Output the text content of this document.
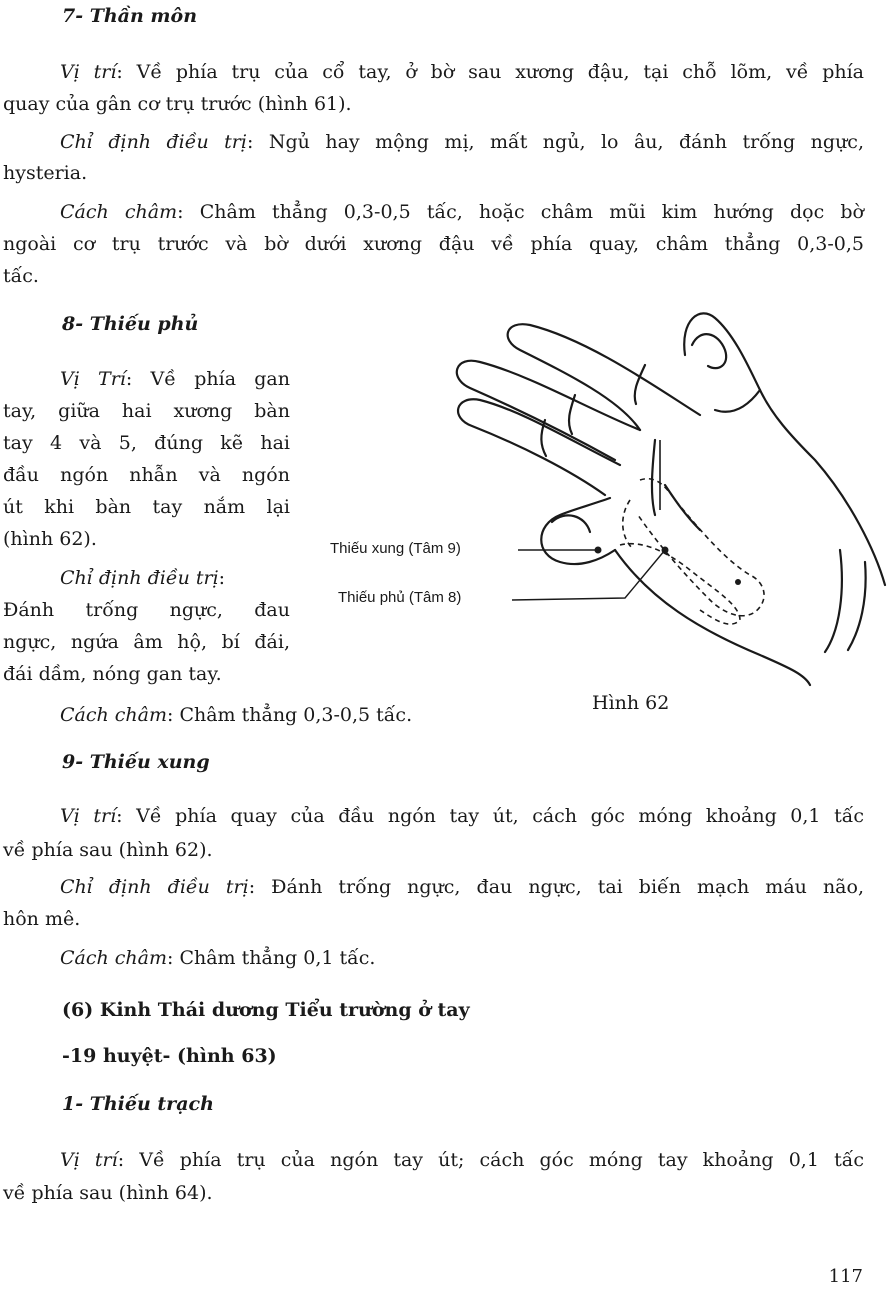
7- Thần môn
Vị trí: Về phía trụ của cổ tay, ở bờ sau xương đậu, tại chỗ lõm, về phía
quay của gân cơ trụ trước (hình 61).
Chỉ định điều trị: Ngủ hay mộng mị, mất ngủ, lo âu, đánh trống ngực,
hysteria.
Cách châm: Châm thẳng 0,3-0,5 tấc, hoặc châm mũi kim hướng dọc bờ
ngoài cơ trụ trước và bờ dưới xương đậu về phía quay, châm thẳng 0,3-0,5
tấc.
8- Thiếu phủ
Vị Trí: Về phía gan
tay, giữa hai xương bàn
tay 4 và 5, đúng kẽ hai
đầu ngón nhẫn và ngón
út khi bàn tay nắm lại
(hình 62).
Chỉ định điều trị:
Đánh trống ngực, đau
ngực, ngứa âm hộ, bí đái,
đái dầm, nóng gan tay.
Cách châm: Châm thẳng 0,3-0,5 tấc.
Thiếu xung (Tâm 9)
Thiếu phủ (Tâm 8)
Hình 62
9- Thiếu xung
Vị trí: Về phía quay của đầu ngón tay út, cách góc móng khoảng 0,1 tấc
về phía sau (hình 62).
Chỉ định điều trị: Đánh trống ngực, đau ngực, tai biến mạch máu não,
hôn mê.
Cách châm: Châm thẳng 0,1 tấc.
(6) Kinh Thái dương Tiểu trường ở tay
-19 huyệt- (hình 63)
1- Thiếu trạch
Vị trí: Về phía trụ của ngón tay út; cách góc móng tay khoảng 0,1 tấc
về phía sau (hình 64).
117
